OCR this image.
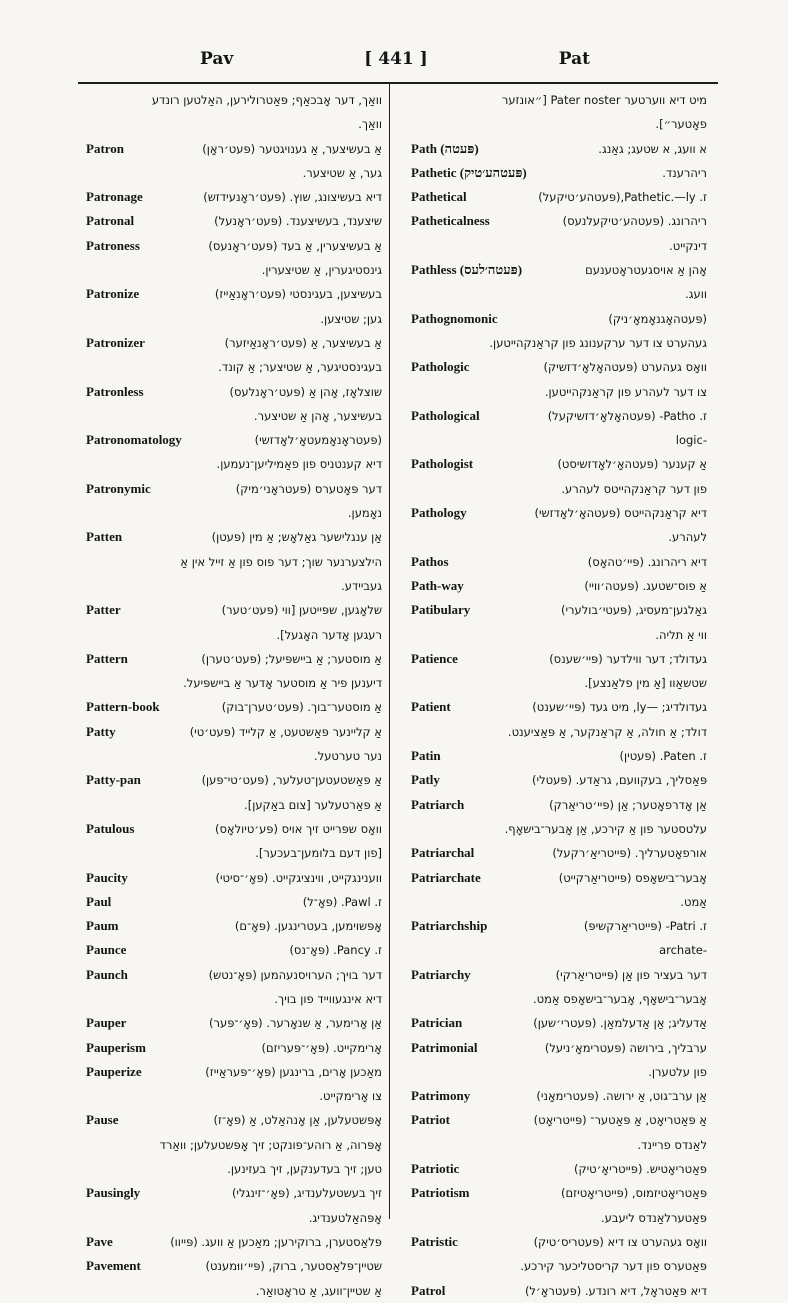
Pav	[ 441 ]	Pat
וואַך, דער אָבכאַף; פּאַטרולירען, האַלטען רונדע
וואַך.
Patron	אַ בעשיצער, אַ גענויגטער (פּעט׳ראָן)
גער, אַ שטיצער.
Patronage	דיא בעשיצונג, שוץ. (פּעט׳ראָנעידזש)
Patronal	שיצענד, בעשיצענד. (פּעט׳ראָנעל)
Patroness	אַ בעשיצערין, אַ בעד (פּעט׳ראָנעס)
גינסטיגערין, אַ שטיצערין.
Patronize	בעשיצען, בעגינסטי (פּעט׳ראָנאַייז)
גען; שטיצען.
Patronizer	אַ בעשיצער, אַ (פּעט׳ראָנאַיזער)
בעגינסטיגער, אַ שטיצער; אַ קונד.
Patronless	שוצלאָז, אָהן אַ (פּעט׳ראָנלעס)
בעשיצער, אָהן אַ שטיצער.
Patronomatology	(פּעטראָנאָמעטאָ׳לאָדזשי)
דיא קענטניס פון פאַמיליען־נעמען.
Patronymic	דער פּאָטערס (פּעטראָני׳מיק)
נאָמען.
Patten	אַן ענגלישער גאַלאָש; אַ מין (פּעטן)
הילצערנער שוך; דער פוס פון אַ זייל אין אַ
געביידע.
Patter	שלאָגען, שפּייטען [ווי (פּעט׳טער)
רעגען אָדער האָגעל].
Pattern	אַ מוסטער; אַ ביישפּיעל; (פּעט׳טערן)
דיענען פיר אַ מוסטער אָדער אַ ביישפּיעל.
Pattern-book	אַ מוסטער־בוך. (פּעט׳טערן־בוק)
Patty	אַ קליינער פּאַשטעט, אַ קלייד (פּעט׳טי)
נער טערטעל.
Patty-pan	אַ פּאַשטעטען־טעלער, (פּעט׳טי־פּען)
אַ פּאַרטעלער [צום באַקען].
Patulous	וואָס שפּרייט זיך אויס (פּע׳טיולאָס)
[פון דעם בלומען־בעכער].
Paucity	ווענינגקייט, ווינציגקייט. (פּאָ׳־סיטי)
Paul	ז. Pawl. (פּאָ־ל)
Paum	אָפּשוימען, בעטרינגען. (פּאָ־ם)
Paunce	ז. Pancy. (פּאָ־נס)
Paunch	דער בויך; הערויסנעהמען (פּאָ־נטש)
דיא אינגעווייד פון בויך.
Pauper	אַן אָרימער, אַ שנאָרער. (פּאָ׳־פּער)
Pauperism	אָרימקייט. (פּאָ׳־פּעריזם)
Pauperize	מאַכען אָרים, ברינגען (פּאָ׳־פּעראַייז)
צו אָרימקייט.
Pause	אָפּשטעלען, אַן אָנהאַלט, אַ (פּאָ־ז)
אָפּרוה, אַ רוהע־פּונקט; זיך אָפּשטעלען; וואַרד
טען; זיך בעדענקען, זיך בעזינען.
Pausingly	זיך בעשטעלענדיג, (פּאָ׳־זינגלי)
אָפּהאַלטענדיג.
Pave	פּלאַסטערן, ברוקירען; מאַכען אַ וועג. (פּייוו)
Pavement	שטיין־פּלאַסטער, ברוק, (פּיי׳ווּמענט)
אַ שטיין־וועג, אַ טראָטואַר.
מיט דיא ווערטער Pater noster [״אונזער
פאָטער״].
Path (פּעטה)	א וועג, א שטעג; גאַנג.
Pathetic (פּעטהע׳טיק)	ריהרענד.
Pathetical	ז. Pathetic.—ly,(פּעטהע׳טיקעל)
Patheticalness	ריהרונג. (פּעטהע׳טיקעלנעס)
דינקייט.
Pathless (פּעטה׳לעס)	אָהן אַ אויסגעטראָטענעם
וועג.
Pathognomonic	(פּעטהאָגנאָמאָ׳ניק)
געהערט צו דער ערקענונג פון קראַנקהייטען.
Pathologic	וואָס געהערט (פּעטהאָלאָ׳דזשיק)
צו דער לעהרע פון קראַנקהייטען.
Pathological	ז. Patho- (פּעטהאָלאָ׳דזשיקעל)
-logic
Pathologist	אַ קענער (פּעטהאָ׳לאָדזשיסט)
פון דער קראַנקהייטס לעהרע.
Pathology	דיא קראַנקהייטס (פּעטהאָ׳לאָדזשי)
לעהרע.
Pathos	דיא ריהרונג. (פּיי׳טהאָס)
Path-way	אַ פוס־שטעג. (פּעטה׳וויי)
Patibulary	גאַלגען־מעסיג, (פּעטי׳בולערי)
ווי אַ תליה.
Patience	געדולד; דער ווילדער (פּיי׳שענס)
שטשאַוו [אַ מין פלאַנצע].
Patient	געדולדיג; —ly, מיט געד (פּיי׳שענט)
דולד; אַ חולה, אַ קראַנקער, אַ פּאַציענט.
Patin	ז. Paten. (פּעטין)
Patly	פּאַסליך, בעקוועם, גראַדע. (פּעטלי)
Patriarch	אַן אָדרפאָטער; אַן (פּיי׳טריאַרק)
עלטסטער פון אַ קירכע, אַן אָבער־בישאָף.
Patriarchal	אורפאָטערליך. (פּייטריאַ׳רקעל)
Patriarchate	אָבער־בישאָפס (פּייטריאַרקייט)
אַמט.
Patriarchship	ז. Patri- (פּייטריאַרקשיפּ)
-archate
Patriarchy	דער בעציר פון אַן (פּייטריאַרקי)
אָבער־בישאָף, אָבער־בישאָפס אַמט.
Patrician	אַדעליג; אַן אַדעלמאַן. (פּעטרי׳שען)
Patrimonial	ערבליך, בירושה (פּעטרימאָ׳ניעל)
פון עלטערן.
Patrimony	אַן ערב־גוט, אַ ירושה. (פּעטרימאָני)
Patriot	אַ פּאַטריאָט, אַ פּאַטער־ (פּייטריאָט)
לאַנדס פריינד.
Patriotic	פּאַטריאָטיש. (פּייטריאָ׳טיק)
Patriotism	פּאַטריאָטיזמוס, (פּייטריאָטיזם)
פּאַטערלאַנדס ליעבע.
Patristic	וואָס געהערט צו דיא (פּעטריס׳טיק)
פּאַטערס פון דער קריסטליכער קירכע.
Patrol	דיא פּאַטראָל, דיא רונדע. (פּעטראָ׳ל)
